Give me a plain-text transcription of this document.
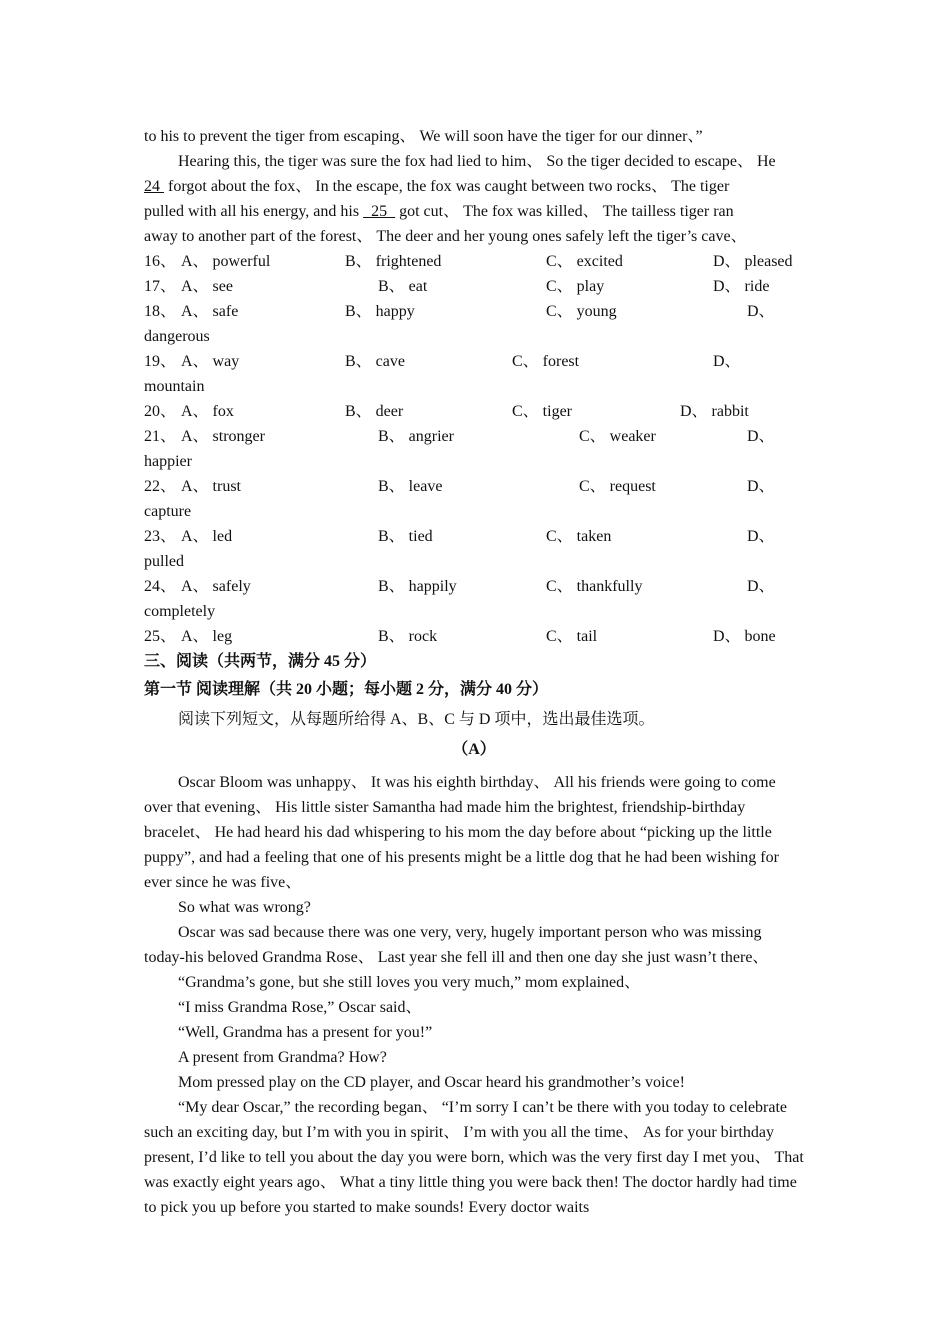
to his to prevent the tiger from escaping、 We will soon have the tiger for our dinner、”

Hearing this, the tiger was sure the fox had lied to him、 So the tiger decided to escape、 He

24  forgot about the fox、 In the escape, the fox was caught between two rocks、 The tiger

pulled with all his energy, and his   25   got cut、 The fox was killed、 The tailless tiger ran

away to another part of the forest、 The deer and her young ones safely left the tiger’s cave、

16、 A、 powerful	B、 frightened	C、 excited	D、 pleased
17、 A、 see	B、 eat	C、 play	D、 ride
18、 A、 safe	B、 happy	C、 young	D、
dangerous
19、 A、 way	B、 cave	C、 forest	D、
mountain
20、 A、 fox	B、 deer	C、 tiger	D、 rabbit
21、 A、 stronger	B、 angrier	C、 weaker	D、
happier
22、 A、 trust	B、 leave	C、 request	D、
capture
23、 A、 led	B、 tied	C、 taken	D、
pulled
24、 A、 safely	B、 happily	C、 thankfully	D、
completely
25、 A、 leg	B、 rock	C、 tail	D、 bone

三、阅读（共两节，满分 45 分）

第一节 阅读理解（共 20 小题；每小题 2 分，满分 40 分）

阅读下列短文，从每题所给得 A、B、C 与 D 项中，选出最佳选项。

（A）

Oscar Bloom was unhappy、 It was his eighth birthday、 All his friends were going to come over that evening、 His little sister Samantha had made him the brightest, friendship-birthday bracelet、 He had heard his dad whispering to his mom the day before about “picking up the little puppy”, and had a feeling that one of his presents might be a little dog that he had been wishing for ever since he was five、

So what was wrong?

Oscar was sad because there was one very, very, hugely important person who was missing today-his beloved Grandma Rose、 Last year she fell ill and then one day she just wasn’t there、

“Grandma’s gone, but she still loves you very much,” mom explained、

“I miss Grandma Rose,” Oscar said、

“Well, Grandma has a present for you!”

A present from Grandma? How?

Mom pressed play on the CD player, and Oscar heard his grandmother’s voice!

“My dear Oscar,” the recording began、 “I’m sorry I can’t be there with you today to celebrate such an exciting day, but I’m with you in spirit、 I’m with you all the time、 As for your birthday present, I’d like to tell you about the day you were born, which was the very first day I met you、 That was exactly eight years ago、 What a tiny little thing you were back then! The doctor hardly had time to pick you up before you started to make sounds! Every doctor waits
